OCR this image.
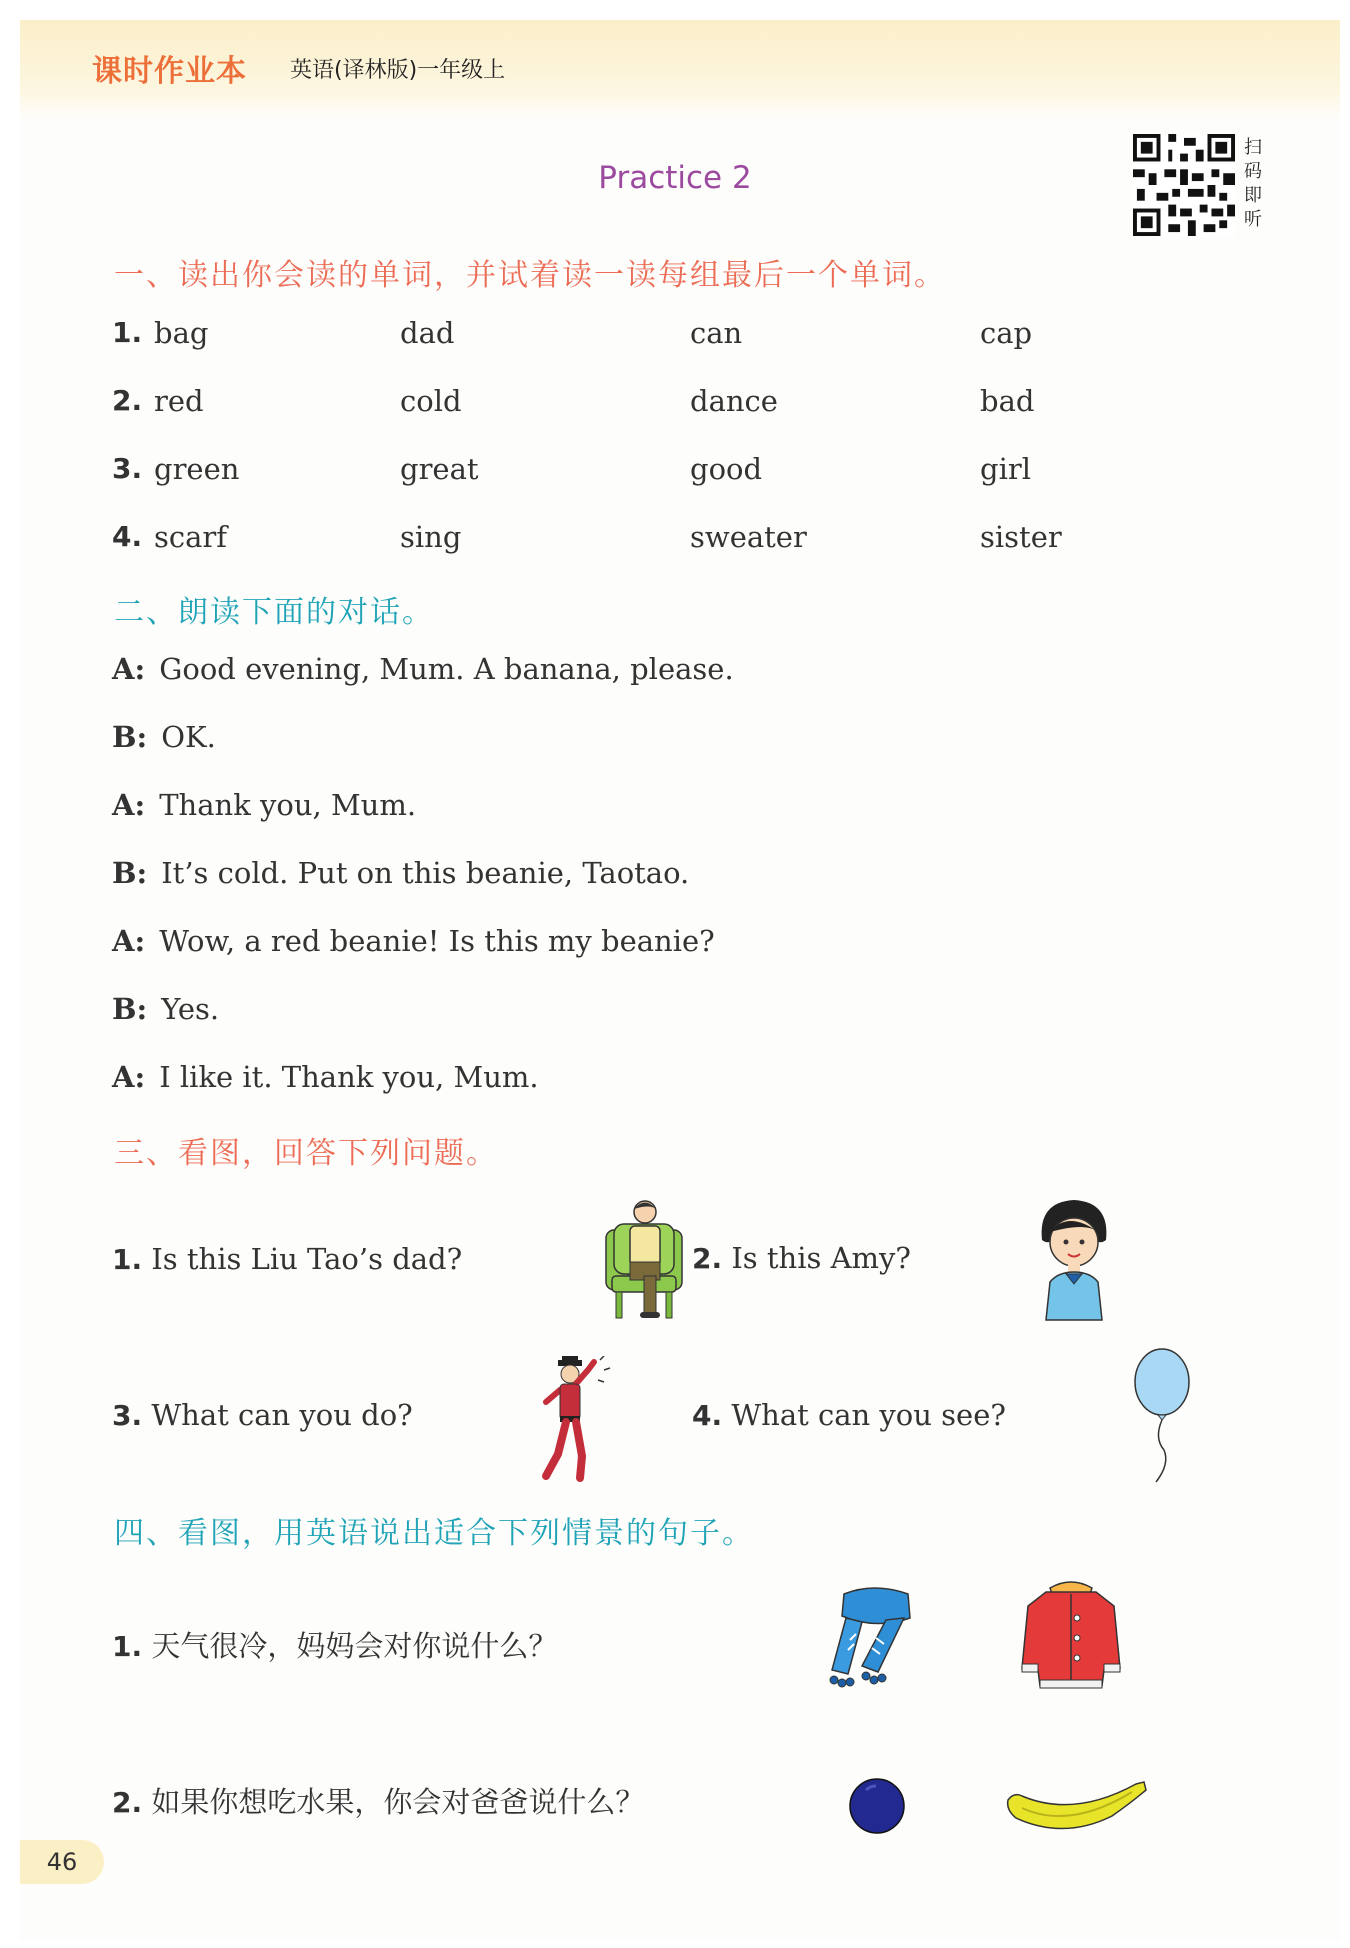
课时作业本 英语(译林版)一年级上
Practice 2
扫码即听
一、读出你会读的单词，并试着读一读每组最后一个单词。
1. bag	dad	can	cap
2. red	cold	dance	bad
3. green	great	good	girl
4. scarf	sing	sweater	sister
二、朗读下面的对话。
A: Good evening, Mum. A banana, please.
B: OK.
A: Thank you, Mum.
B: It’s cold. Put on this beanie, Taotao.
A: Wow, a red beanie! Is this my beanie?
B: Yes.
A: I like it. Thank you, Mum.
三、看图，回答下列问题。
1. Is this Liu Tao’s dad?	2. Is this Amy?
3. What can you do?	4. What can you see?
四、看图，用英语说出适合下列情景的句子。
1. 天气很冷，妈妈会对你说什么？
2. 如果你想吃水果，你会对爸爸说什么？
46
